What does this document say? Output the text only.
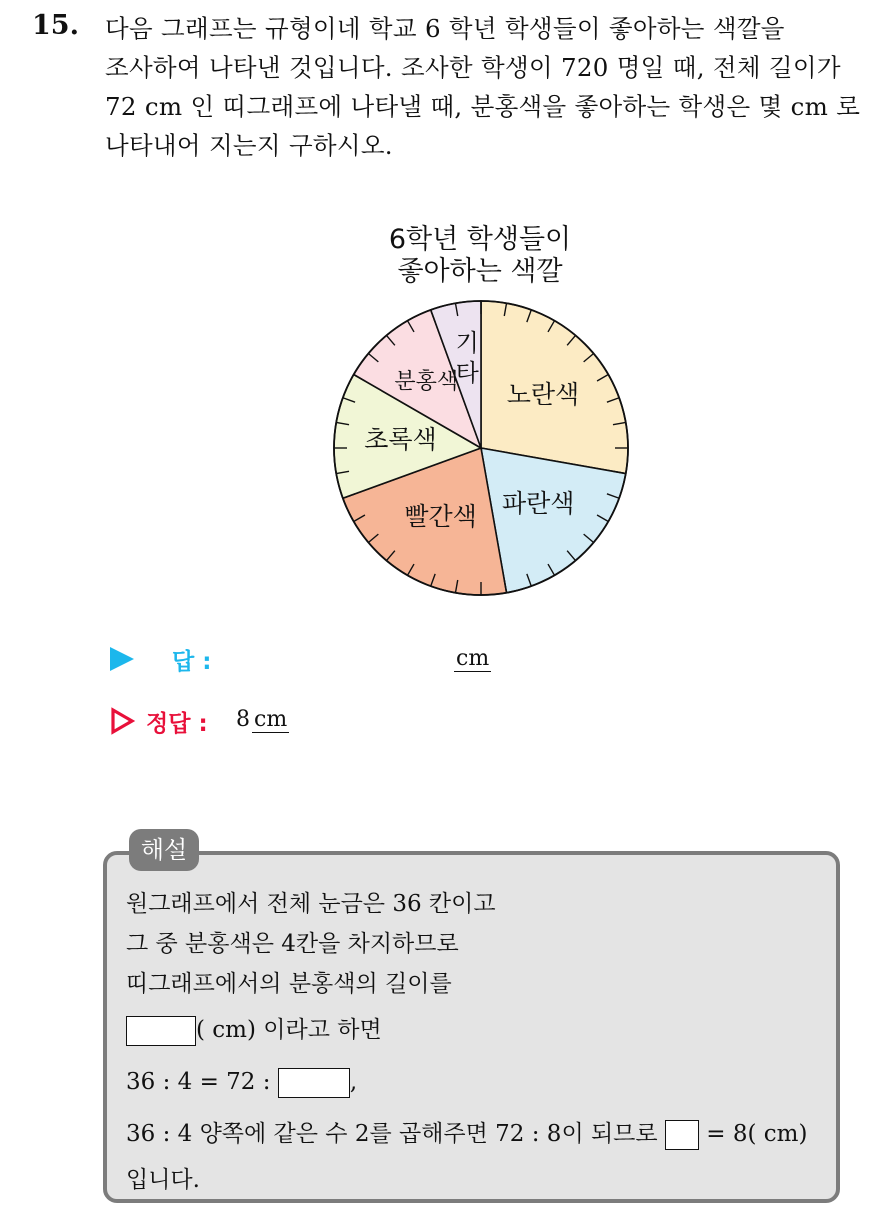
15. 다음 그래프는 규형이네 학교 6 학년 학생들이 좋아하는 색깔을
조사하여 나타낸 것입니다. 조사한 학생이 720 명일 때, 전체 길이가
72 cm 인 띠그래프에 나타낼 때, 분홍색을 좋아하는 학생은 몇 cm 로
나타내어 지는지 구하시오.
6학년 학생들이
좋아하는 색깔
노란색
파란색
빨간색
초록색
분홍색
기
타
답 :	cm
정답 : 8 cm
해설
원그래프에서 전체 눈금은 36 칸이고
그 중 분홍색은 4칸을 차지하므로
띠그래프에서의 분홍색의 길이를
( cm) 이라고 하면
36 : 4 = 72 :	,
36 : 4 양쪽에 같은 수 2를 곱해주면 72 : 8이 되므로 = 8( cm)
입니다.
